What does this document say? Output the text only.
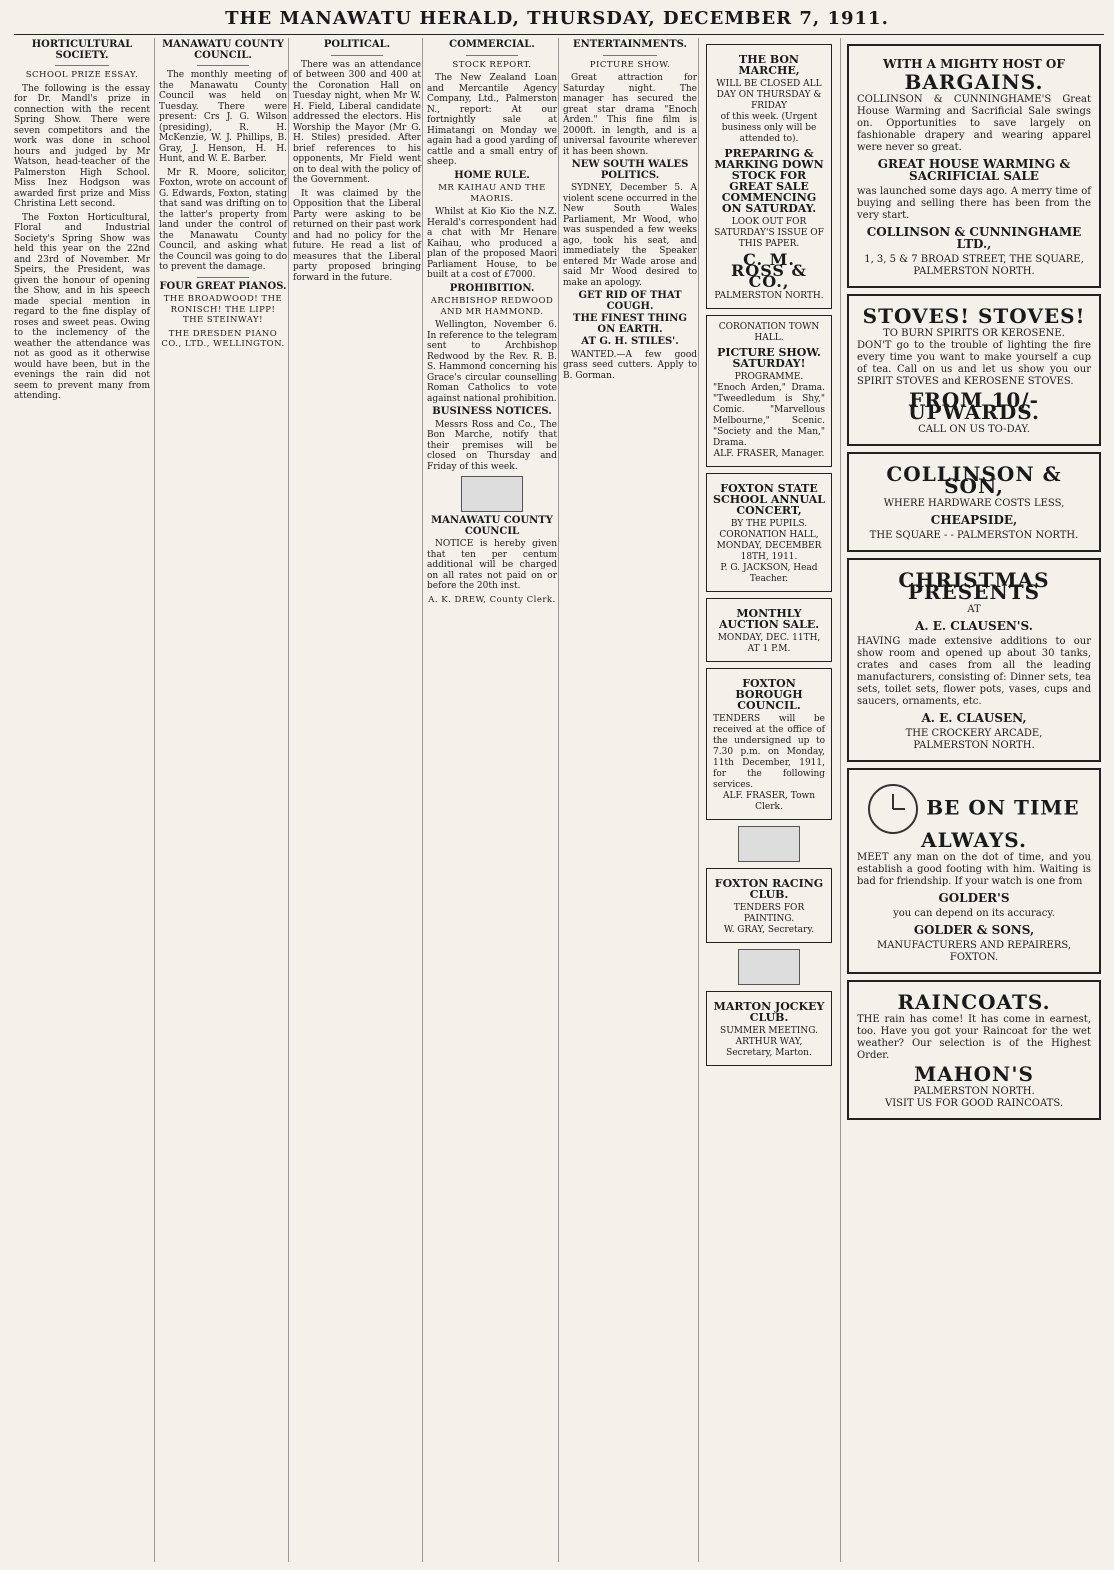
THE MANAWATU HERALD, THURSDAY, DECEMBER 7, 1911.
HORTICULTURAL SOCIETY.
SCHOOL PRIZE ESSAY.

The following is the essay for Dr. Mandl's prize in connection with the recent Spring Show. There were seven competitors and the work was done in school hours and judged by Mr Watson, head-teacher of the Palmerston High School. Miss Inez Hodgson was awarded first prize and Miss Christina Lett second.

The Foxton Horticultural, Floral and Industrial Society's Spring Show was held this year on the 22nd and 23rd of November. Mr Speirs, the President, was given the honour of opening the Show, and in his speech made special mention in regard to the fine display of roses and sweet peas. Owing to the inclemency of the weather the attendance was not as good as it otherwise would have been, but in the evenings the rain did not seem to prevent many from attending.

MANAWATU COUNTY COUNCIL.

The monthly meeting of the Manawatu County Council was held on Tuesday. There were present: Crs J. G. Wilson (presiding), R. H. McKenzie, W. J. Phillips, B. Gray, J. Henson, H. H. Hunt, and W. E. Barber.

Mr R. Moore, solicitor, Foxton, wrote on account of G. Edwards, Foxton, stating that sand was drifting on to the latter's property from land under the control of the Manawatu County Council, and asking what the Council was going to do to prevent the damage.

FOUR GREAT PIANOS.
THE BROADWOOD! THE RONISCH! THE LIPP! THE STEINWAY!
THE DRESDEN PIANO CO., LTD., WELLINGTON.
POLITICAL.

There was an attendance of between 300 and 400 at the Coronation Hall on Tuesday night, when Mr W. H. Field, Liberal candidate addressed the electors. His Worship the Mayor (Mr G. H. Stiles) presided. After brief references to his opponents, Mr Field went on to deal with the policy of the Government.

It was claimed by the Opposition that the Liberal Party were asking to be returned on their past work and had no policy for the future. He read a list of measures that the Liberal party proposed bringing forward in the future.

COMMERCIAL.
STOCK REPORT.

The New Zealand Loan and Mercantile Agency Company, Ltd., Palmerston N., report: At our fortnightly sale at Himatangi on Monday we again had a good yarding of cattle and a small entry of sheep.

HOME RULE.
MR KAIHAU AND THE MAORIS.

Whilst at Kio Kio the N.Z. Herald's correspondent had a chat with Mr Henare Kaihau, who produced a plan of the proposed Maori Parliament House, to be built at a cost of £7000.

PROHIBITION.
ARCHBISHOP REDWOOD AND MR HAMMOND.

Wellington, November 6. In reference to the telegram sent to Archbishop Redwood by the Rev. R. B. S. Hammond concerning his Grace's circular counselling Roman Catholics to vote against national prohibition.

BUSINESS NOTICES.

Messrs Ross and Co., The Bon Marche, notify that their premises will be closed on Thursday and Friday of this week.

MANAWATU COUNTY COUNCIL

NOTICE is hereby given that ten per centum additional will be charged on all rates not paid on or before the 20th inst.

A. K. DREW, County Clerk.
ENTERTAINMENTS.
PICTURE SHOW.

Great attraction for Saturday night. The manager has secured the great star drama "Enoch Arden." This fine film is 2000ft. in length, and is a universal favourite wherever it has been shown.

NEW SOUTH WALES POLITICS.

SYDNEY, December 5. A violent scene occurred in the New South Wales Parliament, Mr Wood, who was suspended a few weeks ago, took his seat, and immediately the Speaker entered Mr Wade arose and said Mr Wood desired to make an apology.

GET RID OF THAT COUGH.
THE FINEST THING ON EARTH.
AT G. H. STILES'.

WANTED.—A few good grass seed cutters. Apply to B. Gorman.

THE BON MARCHE,
WILL BE CLOSED ALL DAY ON THURSDAY & FRIDAY
of this week. (Urgent business only will be attended to).
PREPARING & MARKING DOWN STOCK FOR GREAT SALE COMMENCING ON SATURDAY.
LOOK OUT FOR SATURDAY'S ISSUE OF THIS PAPER.
C. M. ROSS & CO.,
PALMERSTON NORTH.
CORONATION TOWN HALL.
PICTURE SHOW. SATURDAY!
PROGRAMME.
"Enoch Arden," Drama. "Tweedledum is Shy," Comic. "Marvellous Melbourne," Scenic. "Society and the Man," Drama.
ALF. FRASER, Manager.
FOXTON STATE SCHOOL ANNUAL CONCERT,
BY THE PUPILS.
CORONATION HALL, MONDAY, DECEMBER 18TH, 1911.
P. G. JACKSON, Head Teacher.
MONTHLY AUCTION SALE.
MONDAY, DEC. 11TH, AT 1 P.M.
FOXTON BOROUGH COUNCIL.
TENDERS will be received at the office of the undersigned up to 7.30 p.m. on Monday, 11th December, 1911, for the following services.
ALF. FRASER, Town Clerk.
FOXTON RACING CLUB.
TENDERS FOR PAINTING.
W. GRAY, Secretary.
MARTON JOCKEY CLUB.
SUMMER MEETING.
ARTHUR WAY, Secretary, Marton.
WITH A MIGHTY HOST OF
BARGAINS.
COLLINSON & CUNNINGHAME'S Great House Warming and Sacrificial Sale swings on. Opportunities to save largely on fashionable drapery and wearing apparel were never so great.
GREAT HOUSE WARMING & SACRIFICIAL SALE
was launched some days ago. A merry time of buying and selling there has been from the very start.
COLLINSON & CUNNINGHAME LTD.,
1, 3, 5 & 7 BROAD STREET, THE SQUARE,
PALMERSTON NORTH.
STOVES! STOVES!
TO BURN SPIRITS OR KEROSENE.
DON'T go to the trouble of lighting the fire every time you want to make yourself a cup of tea. Call on us and let us show you our SPIRIT STOVES and KEROSENE STOVES.
FROM 10/- UPWARDS.
CALL ON US TO-DAY.
COLLINSON & SON,
WHERE HARDWARE COSTS LESS,
CHEAPSIDE,
THE SQUARE - - PALMERSTON NORTH.
CHRISTMAS PRESENTS
AT
A. E. CLAUSEN'S.
HAVING made extensive additions to our show room and opened up about 30 tanks, crates and cases from all the leading manufacturers, consisting of: Dinner sets, tea sets, toilet sets, flower pots, vases, cups and saucers, ornaments, etc.
A. E. CLAUSEN,
THE CROCKERY ARCADE,
PALMERSTON NORTH.
BE ON TIME ALWAYS.
MEET any man on the dot of time, and you establish a good footing with him. Waiting is bad for friendship. If your watch is one from
GOLDER'S
you can depend on its accuracy.
GOLDER & SONS,
MANUFACTURERS AND REPAIRERS,
FOXTON.
RAINCOATS.
THE rain has come! It has come in earnest, too. Have you got your Raincoat for the wet weather? Our selection is of the Highest Order.
MAHON'S
PALMERSTON NORTH.
VISIT US FOR GOOD RAINCOATS.
